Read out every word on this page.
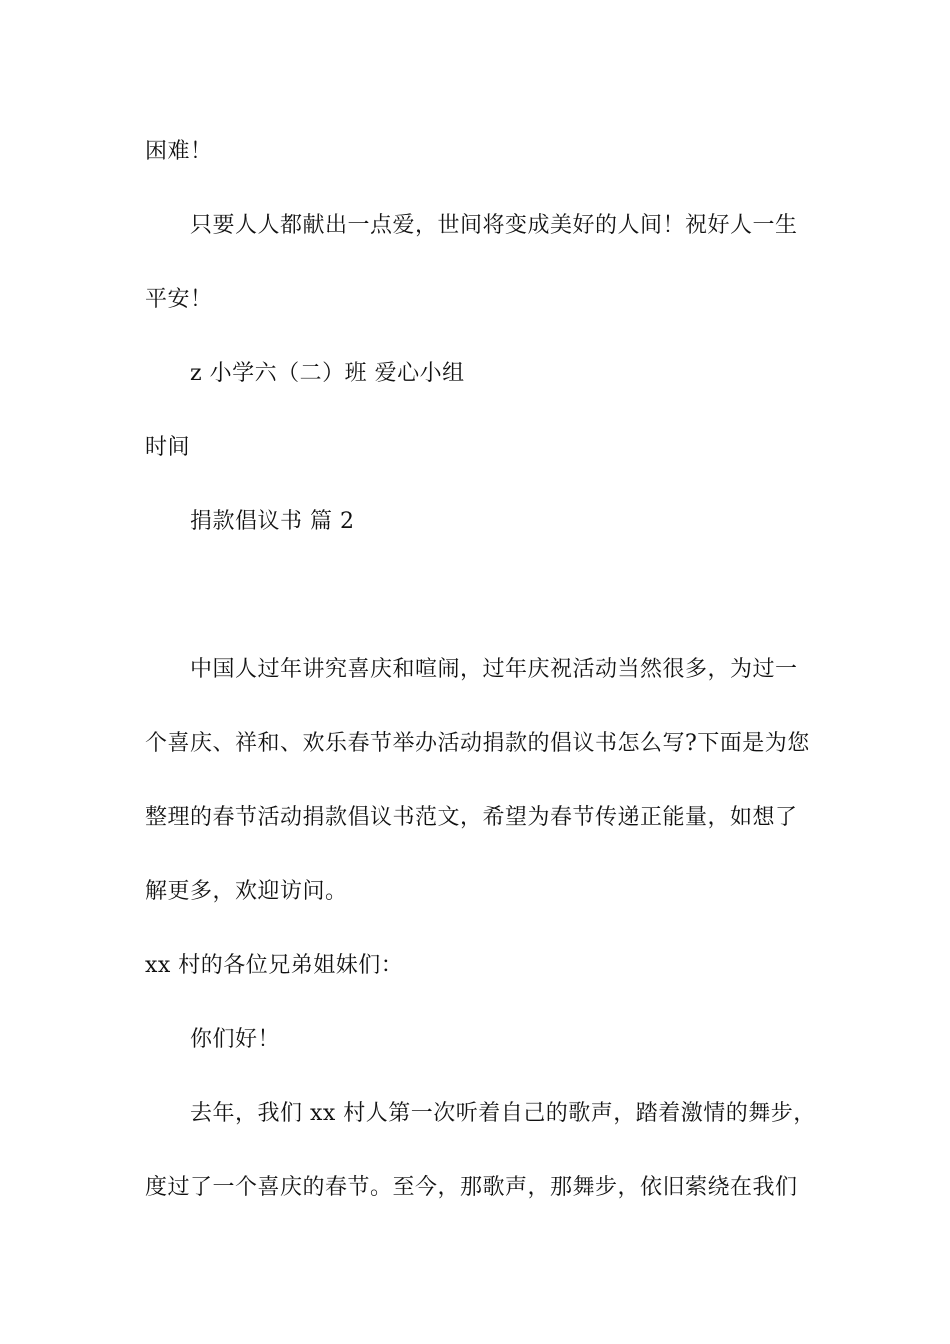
困难！
只要人人都献出一点爱，世间将变成美好的人间！祝好人一生
平安！
z 小学六（二）班 爱心小组
时间
捐款倡议书 篇 2
中国人过年讲究喜庆和喧闹，过年庆祝活动当然很多，为过一
个喜庆、祥和、欢乐春节举办活动捐款的倡议书怎么写?下面是为您
整理的春节活动捐款倡议书范文，希望为春节传递正能量，如想了
解更多，欢迎访问。
xx 村的各位兄弟姐妹们：
你们好！
去年，我们 xx 村人第一次听着自己的歌声，踏着激情的舞步，
度过了一个喜庆的春节。至今，那歌声，那舞步，依旧萦绕在我们
